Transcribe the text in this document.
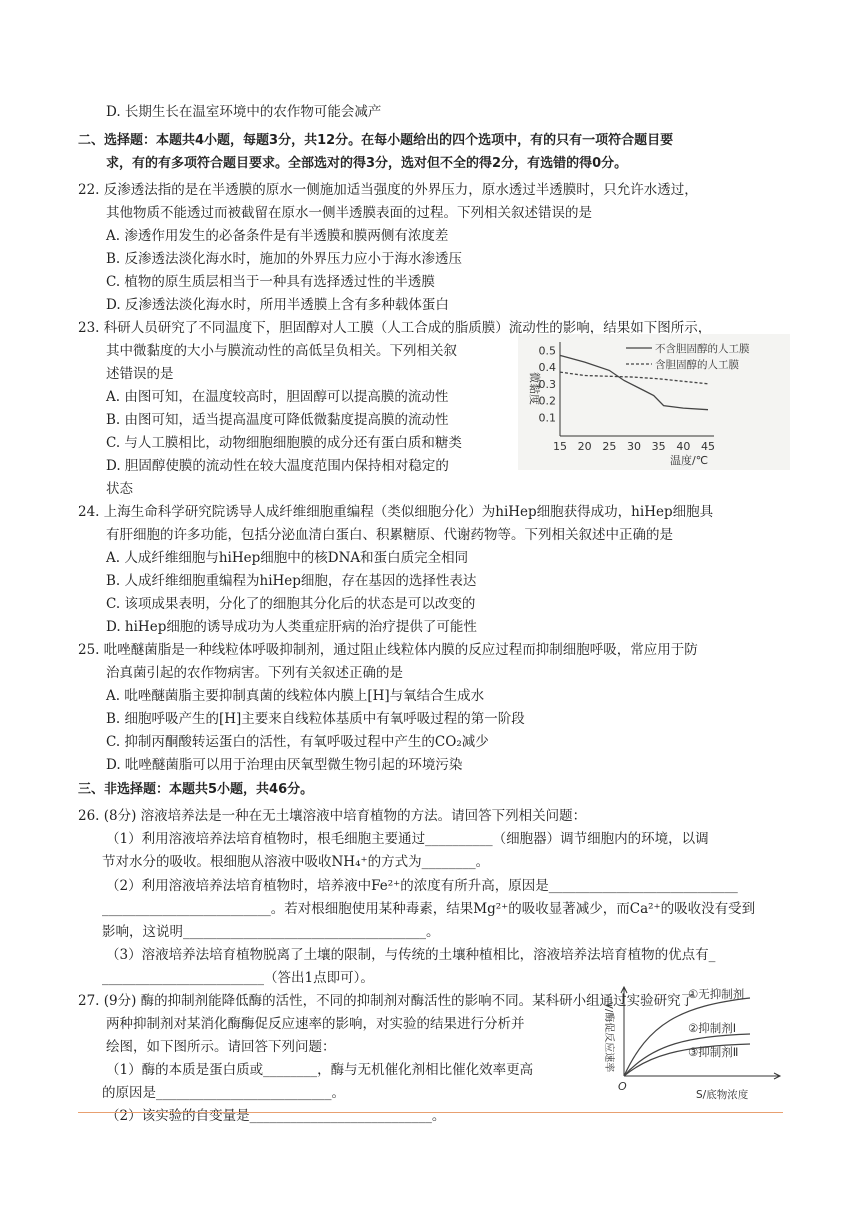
D. 长期生长在温室环境中的农作物可能会减产
二、选择题：本题共4小题，每题3分，共12分。在每小题给出的四个选项中，有的只有一项符合题目要
求，有的有多项符合题目要求。全部选对的得3分，选对但不全的得2分，有选错的得0分。
22. 反渗透法指的是在半透膜的原水一侧施加适当强度的外界压力，原水透过半透膜时，只允许水透过，
其他物质不能透过而被截留在原水一侧半透膜表面的过程。下列相关叙述错误的是
A. 渗透作用发生的必备条件是有半透膜和膜两侧有浓度差
B. 反渗透法淡化海水时，施加的外界压力应小于海水渗透压
C. 植物的原生质层相当于一种具有选择透过性的半透膜
D. 反渗透法淡化海水时，所用半透膜上含有多种载体蛋白
23. 科研人员研究了不同温度下，胆固醇对人工膜（人工合成的脂质膜）流动性的影响，结果如下图所示，
其中微黏度的大小与膜流动性的高低呈负相关。下列相关叙
述错误的是
A. 由图可知，在温度较高时，胆固醇可以提高膜的流动性
B. 由图可知，适当提高温度可降低微黏度提高膜的流动性
C. 与人工膜相比，动物细胞细胞膜的成分还有蛋白质和糖类
D. 胆固醇使膜的流动性在较大温度范围内保持相对稳定的
状态
24. 上海生命科学研究院诱导人成纤维细胞重编程（类似细胞分化）为hiHep细胞获得成功，hiHep细胞具
有肝细胞的许多功能，包括分泌血清白蛋白、积累糖原、代谢药物等。下列相关叙述中正确的是
A. 人成纤维细胞与hiHep细胞中的核DNA和蛋白质完全相同
B. 人成纤维细胞重编程为hiHep细胞，存在基因的选择性表达
C. 该项成果表明，分化了的细胞其分化后的状态是可以改变的
D. hiHep细胞的诱导成功为人类重症肝病的治疗提供了可能性
25. 吡唑醚菌脂是一种线粒体呼吸抑制剂，通过阻止线粒体内膜的反应过程而抑制细胞呼吸，常应用于防
治真菌引起的农作物病害。下列有关叙述正确的是
A. 吡唑醚菌脂主要抑制真菌的线粒体内膜上[H]与氧结合生成水
B. 细胞呼吸产生的[H]主要来自线粒体基质中有氧呼吸过程的第一阶段
C. 抑制丙酮酸转运蛋白的活性，有氧呼吸过程中产生的CO₂减少
D. 吡唑醚菌脂可以用于治理由厌氧型微生物引起的环境污染
三、非选择题：本题共5小题，共46分。
26. (8分) 溶液培养法是一种在无土壤溶液中培育植物的方法。请回答下列相关问题：
（1）利用溶液培养法培育植物时，根毛细胞主要通过__________（细胞器）调节细胞内的环境，以调
节对水分的吸收。根细胞从溶液中吸收NH₄⁺的方式为________。
（2）利用溶液培养法培育植物时，培养液中Fe²⁺的浓度有所升高，原因是____________________________
_________________________。若对根细胞使用某种毒素，结果Mg²⁺的吸收显著减少，而Ca²⁺的吸收没有受到
影响，这说明____________________________________。
（3）溶液培养法培育植物脱离了土壤的限制，与传统的土壤种植相比，溶液培养法培育植物的优点有_
________________________（答出1点即可）。
27. (9分) 酶的抑制剂能降低酶的活性，不同的抑制剂对酶活性的影响不同。某科研小组通过实验研究了
两种抑制剂对某消化酶酶促反应速率的影响，对实验的结果进行分析并
绘图，如下图所示。请回答下列问题：
（1）酶的本质是蛋白质或________，酶与无机催化剂相比催化效率更高
的原因是__________________________。
（2）该实验的自变量是___________________________。
微黏度
温度/℃
0.1
0.2
0.3
0.4
0.5
15 20 25 30 35 40 45
不含胆固醇的人工膜
含胆固醇的人工膜
V/酶促反应速率
S/底物浓度
O
①无抑制剂
②抑制剂Ⅰ
③抑制剂Ⅱ
